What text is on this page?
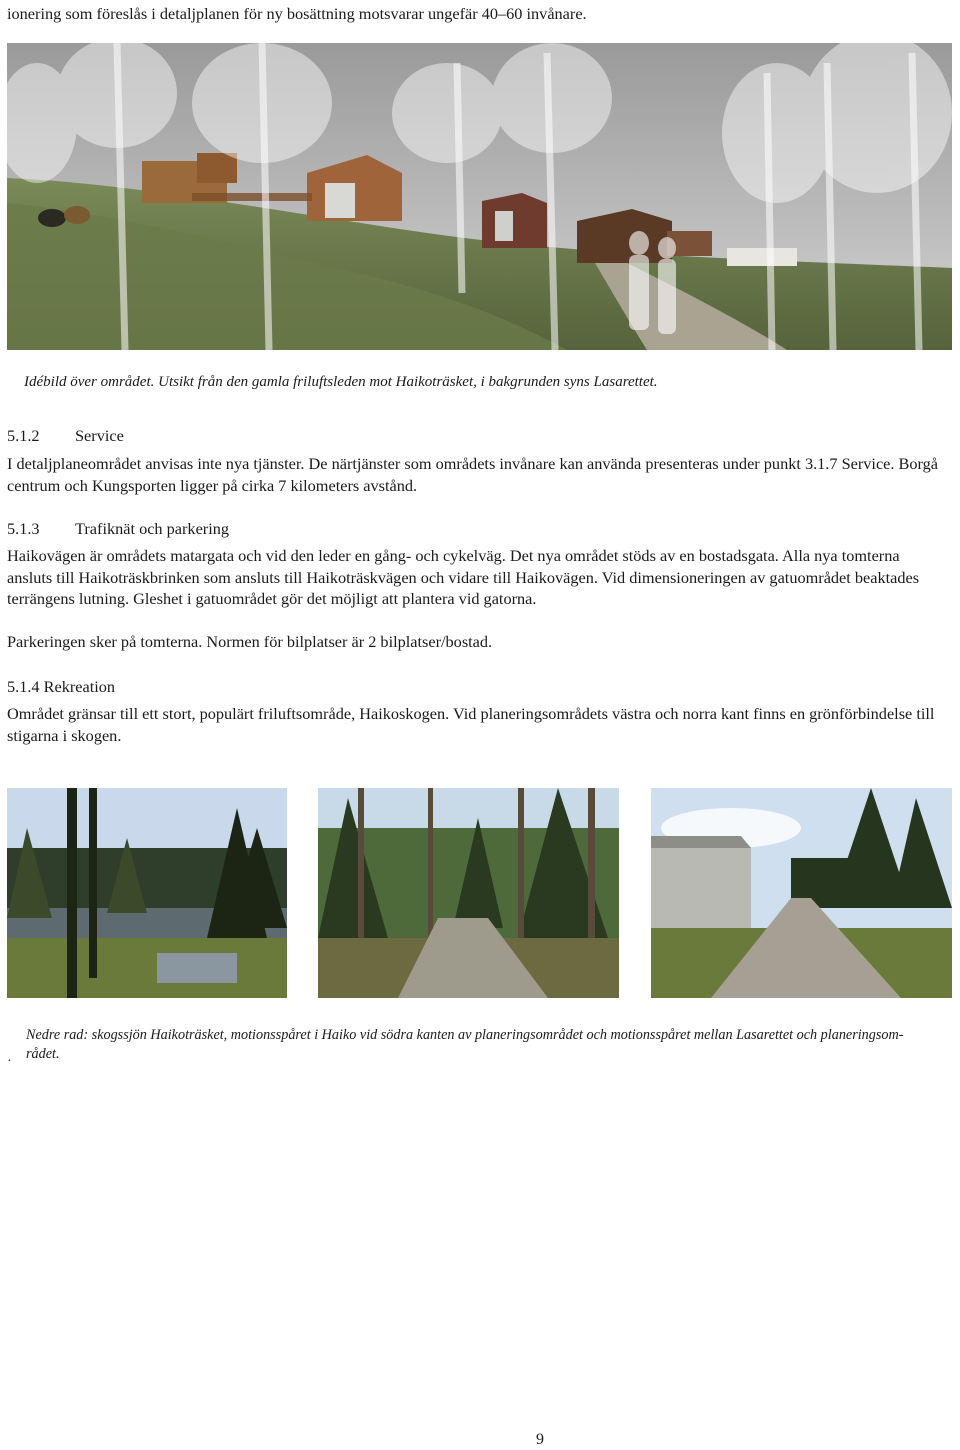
ionering som föreslås i detaljplanen för ny bosättning motsvarar ungefär 40–60 invånare.
Idébild över området. Utsikt från den gamla friluftsleden mot Haikoträsket, i bakgrunden syns Lasarettet.
5.1.2 Service
I detaljplaneområdet anvisas inte nya tjänster. De närtjänster som områdets invånare kan använda presenteras under punkt 3.1.7 Service. Borgå centrum och Kungsporten ligger på cirka 7 kilometers avstånd.
5.1.3 Trafiknät och parkering
Haikovägen är områdets matargata och vid den leder en gång- och cykelväg. Det nya området stöds av en bostadsgata. Alla nya tomterna ansluts till Haikoträskbrinken som ansluts till Haikoträskvägen och vidare till Haikovägen. Vid dimensioneringen av gatuområdet beaktades terrängens lutning. Gleshet i gatuområdet gör det möjligt att plantera vid gatorna.
Parkeringen sker på tomterna. Normen för bilplatser är 2 bilplatser/bostad.
5.1.4 Rekreation
Området gränsar till ett stort, populärt friluftsområde, Haikoskogen. Vid planeringsområdets västra och norra kant finns en grönförbindelse till stigarna i skogen.
.
Nedre rad: skogssjön Haikoträsket, motionsspåret i Haiko vid södra kanten av planeringsområdet och motionsspåret mellan Lasarettet och planeringsom-rådet.
9
